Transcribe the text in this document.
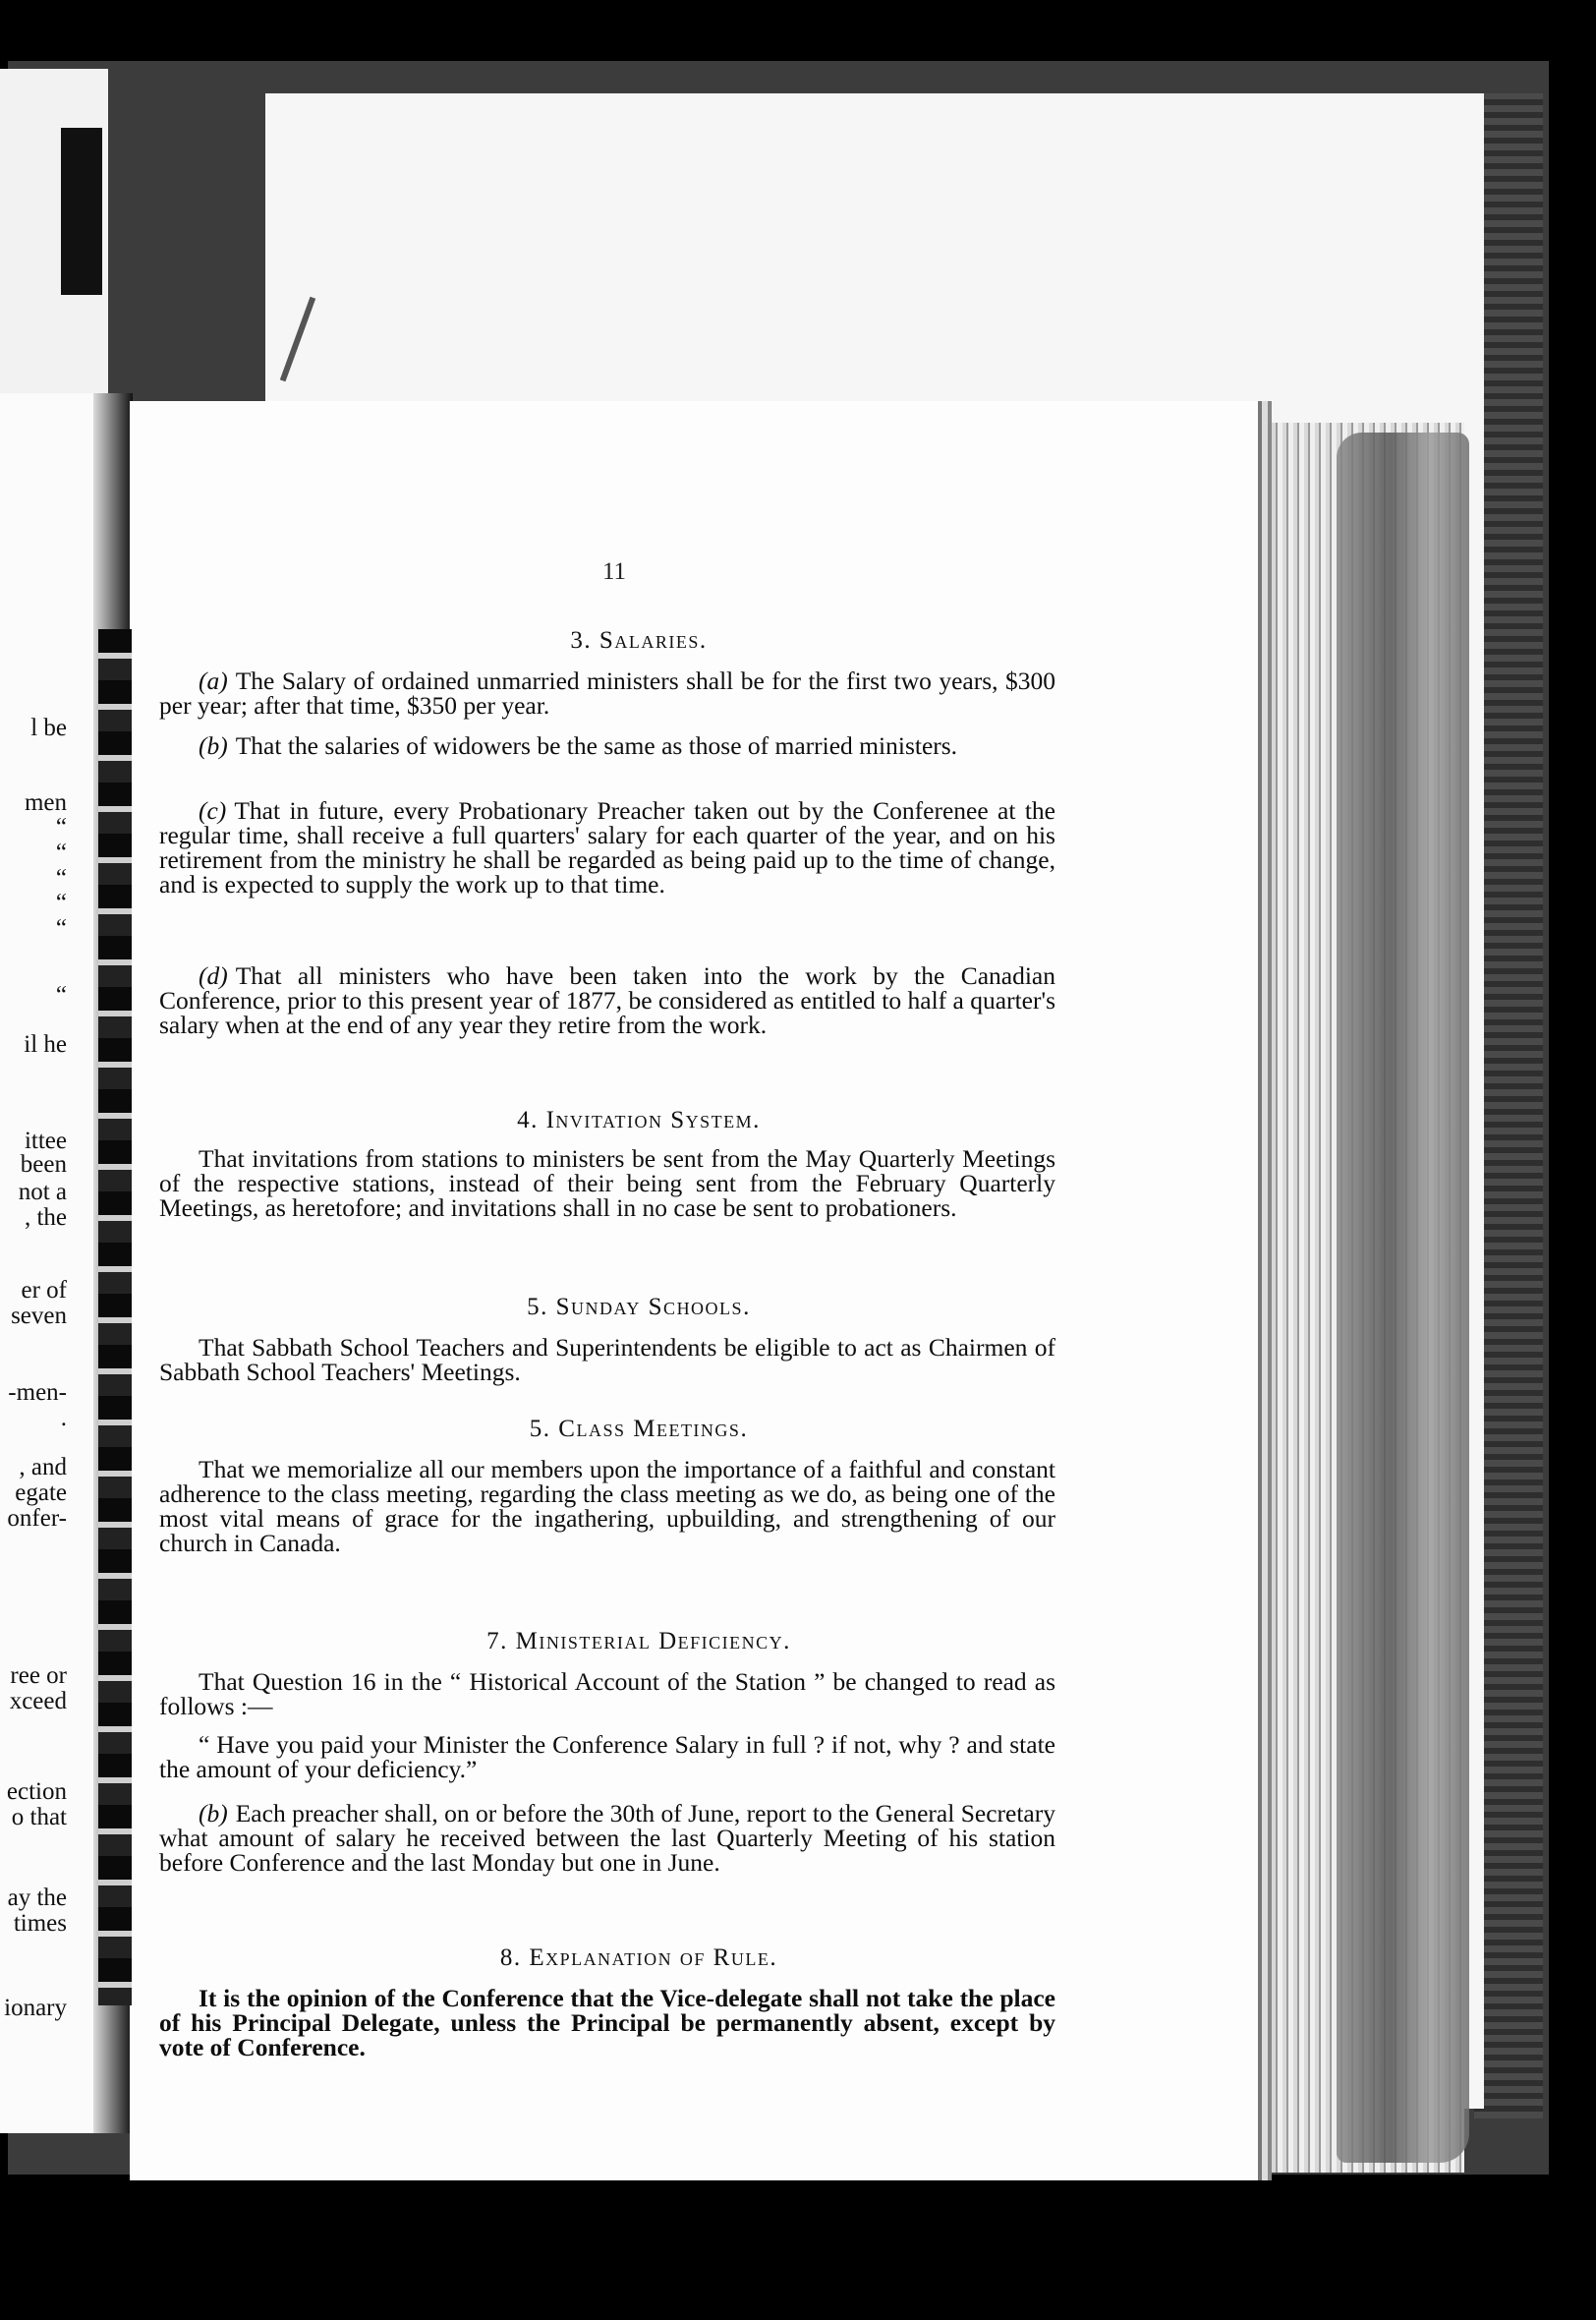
l be
men
“
“
“
“
“
“
il he
ittee
been
not a
, the
er of
seven
-men-
.
, and
egate
onfer-
ree or
xceed
ection
o that
ay the
times
ionary
11
3. Salaries.
(a) The Salary of ordained unmarried ministers shall be for the first two years, $300 per year; after that time, $350 per year.
(b) That the salaries of widowers be the same as those of married ministers.
(c) That in future, every Probationary Preacher taken out by the Conferenee at the regular time, shall receive a full quarters' salary for each quarter of the year, and on his retirement from the ministry he shall be regarded as being paid up to the time of change, and is expected to supply the work up to that time.
(d) That all ministers who have been taken into the work by the Canadian Conference, prior to this present year of 1877, be considered as entitled to half a quarter's salary when at the end of any year they retire from the work.
4. Invitation System.
That invitations from stations to ministers be sent from the May Quarterly Meetings of the respective stations, instead of their being sent from the February Quarterly Meetings, as heretofore; and invitations shall in no case be sent to probationers.
5. Sunday Schools.
That Sabbath School Teachers and Superintendents be eligible to act as Chairmen of Sabbath School Teachers' Meetings.
5. Class Meetings.
That we memorialize all our members upon the importance of a faithful and constant adherence to the class meeting, regarding the class meeting as we do, as being one of the most vital means of grace for the ingathering, upbuilding, and strengthening of our church in Canada.
7. Ministerial Deficiency.
That Question 16 in the “ Historical Account of the Station ” be changed to read as follows :—
“ Have you paid your Minister the Conference Salary in full ? if not, why ? and state the amount of your deficiency.”
(b) Each preacher shall, on or before the 30th of June, report to the General Secretary what amount of salary he received between the last Quarterly Meeting of his station before Conference and the last Monday but one in June.
8. Explanation of Rule.
It is the opinion of the Conference that the Vice-delegate shall not take the place of his Principal Delegate, unless the Principal be permanently absent, except by vote of Conference.
